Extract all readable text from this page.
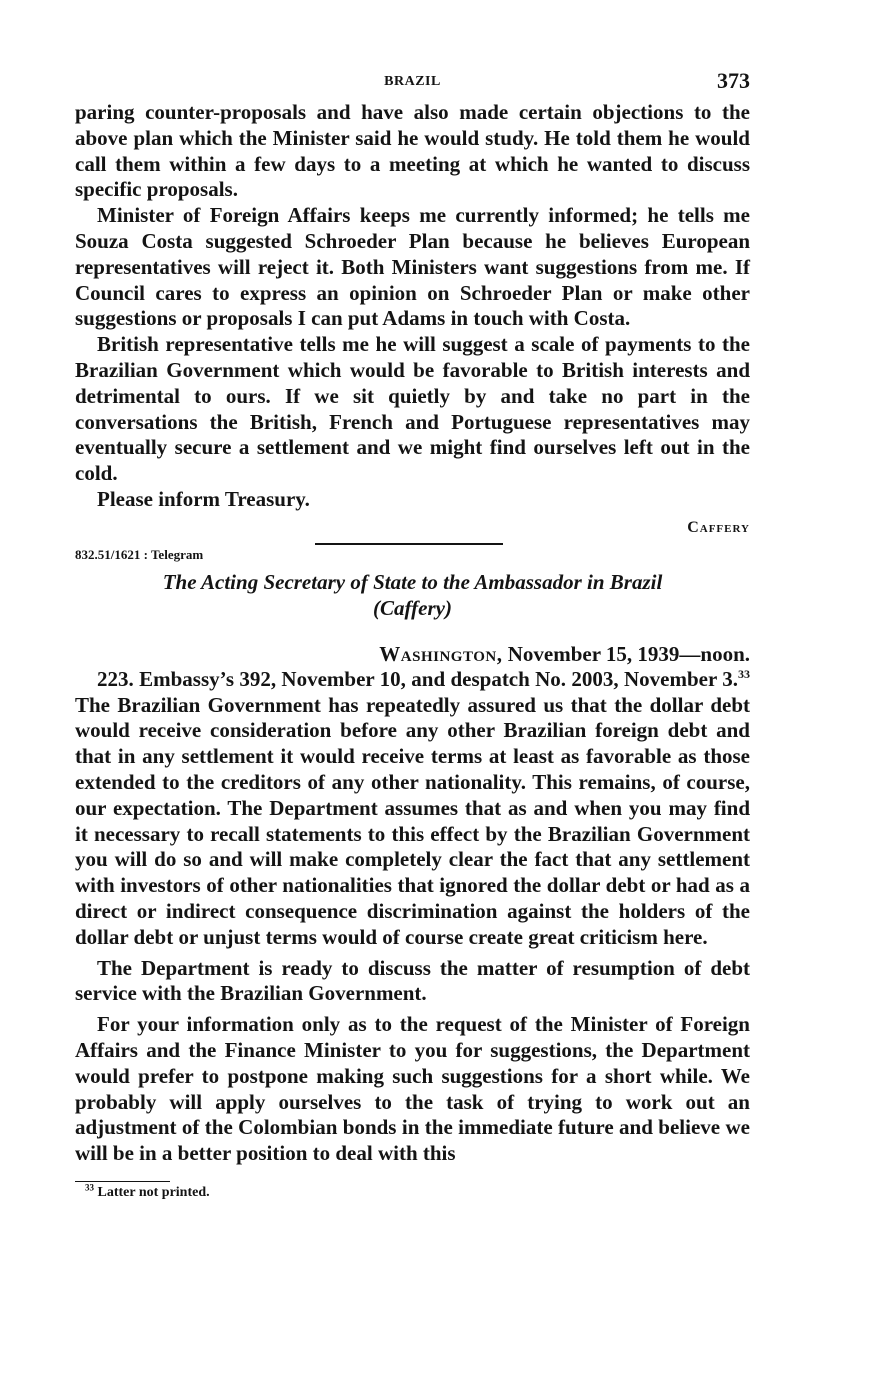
BRAZIL	373

paring counter-proposals and have also made certain objections to the above plan which the Minister said he would study. He told them he would call them within a few days to a meeting at which he wanted to discuss specific proposals.

Minister of Foreign Affairs keeps me currently informed; he tells me Souza Costa suggested Schroeder Plan because he believes European representatives will reject it. Both Ministers want suggestions from me. If Council cares to express an opinion on Schroeder Plan or make other suggestions or proposals I can put Adams in touch with Costa.

British representative tells me he will suggest a scale of payments to the Brazilian Government which would be favorable to British interests and detrimental to ours. If we sit quietly by and take no part in the conversations the British, French and Portuguese representatives may eventually secure a settlement and we might find ourselves left out in the cold.

Please inform Treasury.

Caffery
832.51/1621 : Telegram
The Acting Secretary of State to the Ambassador in Brazil
(Caffery)
Washington, November 15, 1939—noon.

223. Embassy’s 392, November 10, and despatch No. 2003, November 3.33 The Brazilian Government has repeatedly assured us that the dollar debt would receive consideration before any other Brazilian foreign debt and that in any settlement it would receive terms at least as favorable as those extended to the creditors of any other nationality. This remains, of course, our expectation. The Department assumes that as and when you may find it necessary to recall statements to this effect by the Brazilian Government you will do so and will make completely clear the fact that any settlement with investors of other nationalities that ignored the dollar debt or had as a direct or indirect consequence discrimination against the holders of the dollar debt or unjust terms would of course create great criticism here.

The Department is ready to discuss the matter of resumption of debt service with the Brazilian Government.

For your information only as to the request of the Minister of Foreign Affairs and the Finance Minister to you for suggestions, the Department would prefer to postpone making such suggestions for a short while. We probably will apply ourselves to the task of trying to work out an adjustment of the Colombian bonds in the immediate future and believe we will be in a better position to deal with this

$^{33}$ Latter not printed.
